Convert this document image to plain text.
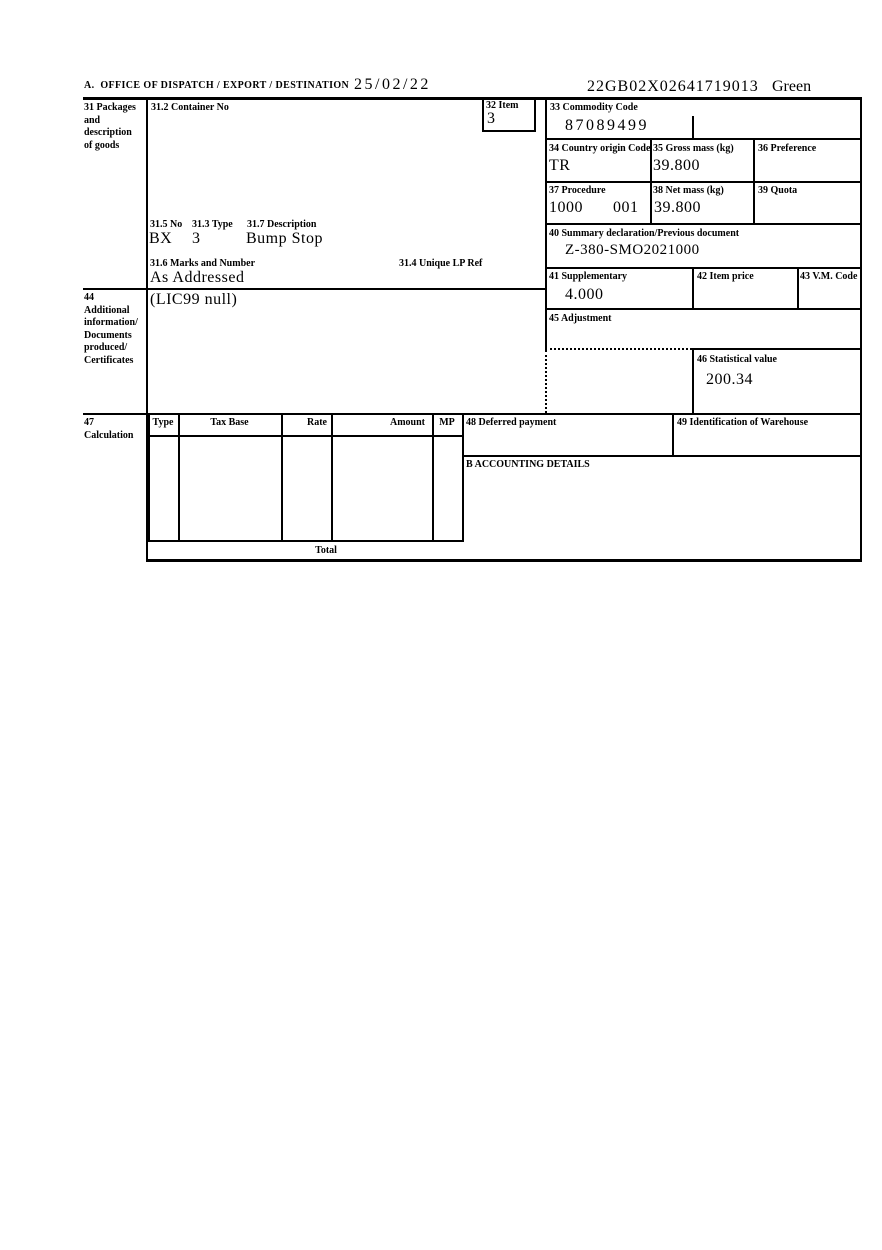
A.  OFFICE OF DISPATCH / EXPORT / DESTINATION 25/02/22	22GB02X02641719013 Green
31 Packages
and
description
of goods
31.2 Container No
31.5 No 31.3 Type 31.7 Description
BX 3	Bump Stop
31.6 Marks and Number	31.4 Unique LP Ref
As Addressed
32 Item
3
33 Commodity Code
87089499
34 Country origin Code
TR
35 Gross mass (kg)
39.800
36 Preference
37 Procedure
1000 001
38 Net mass (kg)
39.800
39 Quota
40 Summary declaration/Previous document
Z-380-SMO2021000
41 Supplementary
4.000
42 Item price	43 V.M. Code
44
Additional
information/
Documents
produced/
Certificates
(LIC99 null)
45 Adjustment
46 Statistical value
200.34
47
Calculation
Type	Tax Base	Rate	Amount	MP
Total
48 Deferred payment	49 Identification of Warehouse
B ACCOUNTING DETAILS
